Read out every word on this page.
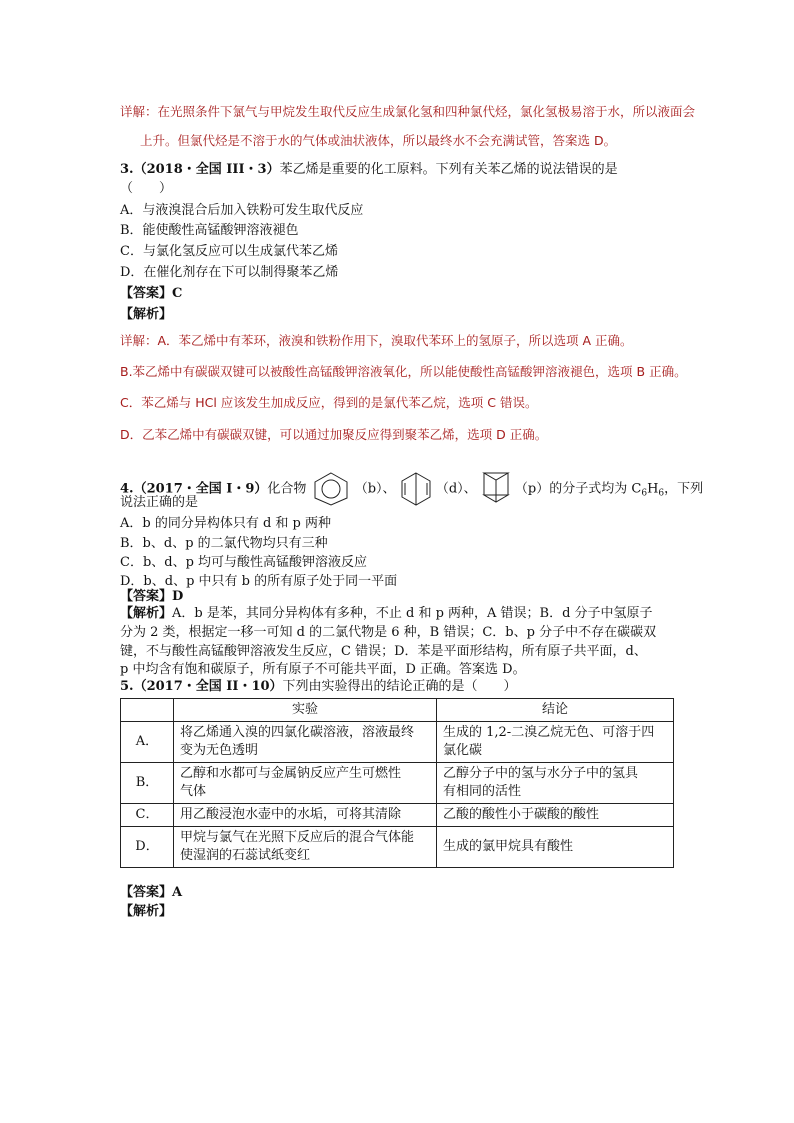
详解：在光照条件下氯气与甲烷发生取代反应生成氯化氢和四种氯代烃，氯化氢极易溶于水，所以液面会
上升。但氯代烃是不溶于水的气体或油状液体，所以最终水不会充满试管，答案选 D。
3.（2018・全国 III・3）苯乙烯是重要的化工原料。下列有关苯乙烯的说法错误的是
（　　）
A．与液溴混合后加入铁粉可发生取代反应
B．能使酸性高锰酸钾溶液褪色
C．与氯化氢反应可以生成氯代苯乙烯
D．在催化剂存在下可以制得聚苯乙烯
【答案】C
【解析】
详解：A．苯乙烯中有苯环，液溴和铁粉作用下，溴取代苯环上的氢原子，所以选项 A 正确。
B.苯乙烯中有碳碳双键可以被酸性高锰酸钾溶液氧化，所以能使酸性高锰酸钾溶液褪色，选项 B 正确。
C．苯乙烯与 HCl 应该发生加成反应，得到的是氯代苯乙烷，选项 C 错误。
D．乙苯乙烯中有碳碳双键，可以通过加聚反应得到聚苯乙烯，选项 D 正确。
4.（2017・全国 I・9）化合物	（b）、	（d）、	（p）的分子式均为 $C_6H_6$，下列
说法正确的是
A．b 的同分异构体只有 d 和 p 两种
B．b、d、p 的二氯代物均只有三种
C．b、d、p 均可与酸性高锰酸钾溶液反应
D．b、d、p 中只有 b 的所有原子处于同一平面
【答案】D
【解析】A．b 是苯，其同分异构体有多种，不止 d 和 p 两种，A 错误；B．d 分子中氢原子
分为 2 类，根据定一移一可知 d 的二氯代物是 6 种，B 错误；C．b、p 分子中不存在碳碳双
键，不与酸性高锰酸钾溶液发生反应，C 错误；D．苯是平面形结构，所有原子共平面，d、
p 中均含有饱和碳原子，所有原子不可能共平面，D 正确。答案选 D。
5.（2017・全国 II・10）下列由实验得出的结论正确的是（　　）
	实验	结论
A．	将乙烯通入溴的四氯化碳溶液，溶液最终
变为无色透明	生成的 1,2-二溴乙烷无色、可溶于四
氯化碳
B．	乙醇和水都可与金属钠反应产生可燃性
气体	乙醇分子中的氢与水分子中的氢具
有相同的活性
C．	用乙酸浸泡水壶中的水垢，可将其清除	乙酸的酸性小于碳酸的酸性
D．	甲烷与氯气在光照下反应后的混合气体能
使湿润的石蕊试纸变红	生成的氯甲烷具有酸性
【答案】A
【解析】
